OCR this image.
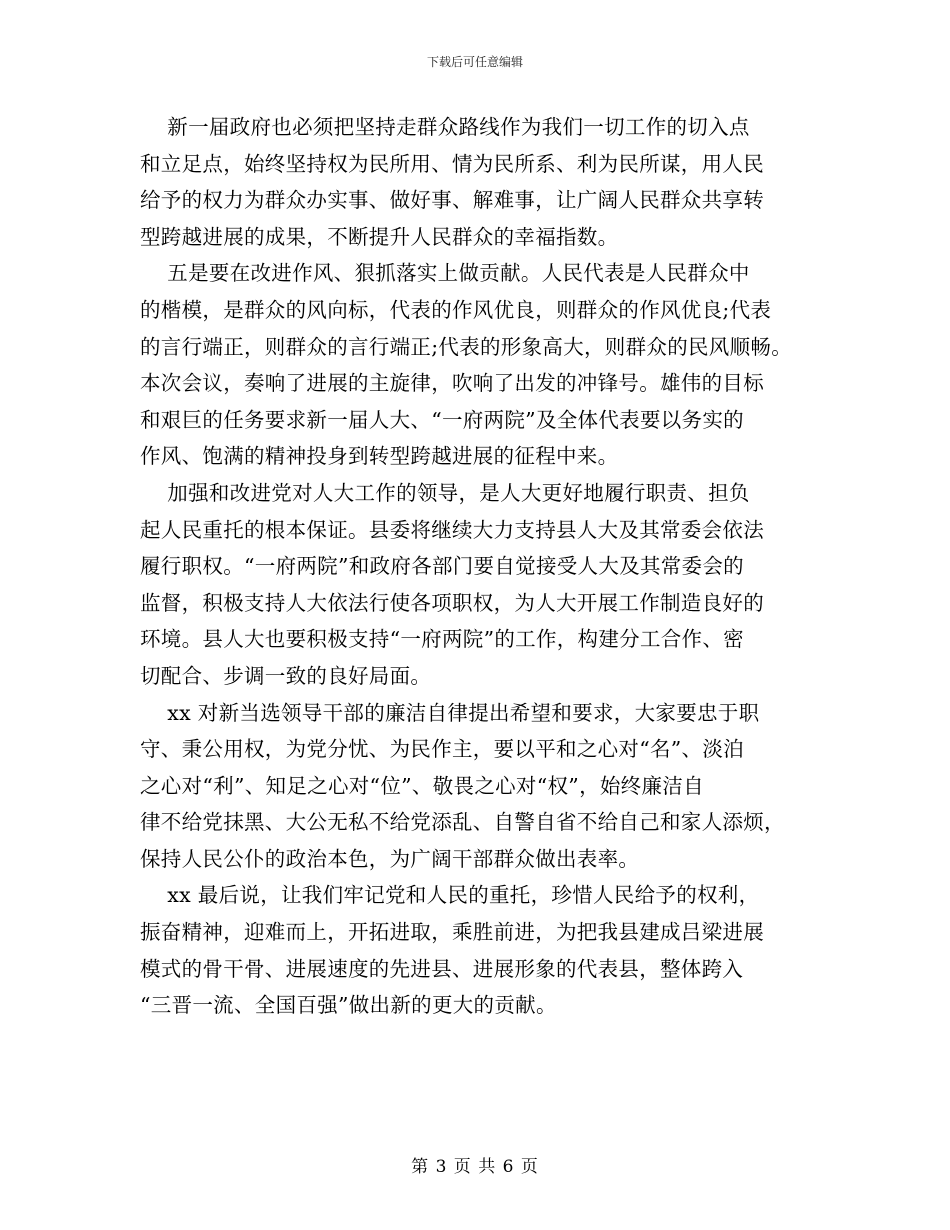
下载后可任意编辑
新一届政府也必须把坚持走群众路线作为我们一切工作的切入点
和立足点，始终坚持权为民所用、情为民所系、利为民所谋，用人民
给予的权力为群众办实事、做好事、解难事，让广阔人民群众共享转
型跨越进展的成果，不断提升人民群众的幸福指数。
五是要在改进作风、狠抓落实上做贡献。人民代表是人民群众中
的楷模，是群众的风向标，代表的作风优良，则群众的作风优良;代表
的言行端正，则群众的言行端正;代表的形象高大，则群众的民风顺畅。
本次会议，奏响了进展的主旋律，吹响了出发的冲锋号。雄伟的目标
和艰巨的任务要求新一届人大、“一府两院”及全体代表要以务实的
作风、饱满的精神投身到转型跨越进展的征程中来。
加强和改进党对人大工作的领导，是人大更好地履行职责、担负
起人民重托的根本保证。县委将继续大力支持县人大及其常委会依法
履行职权。“一府两院”和政府各部门要自觉接受人大及其常委会的
监督，积极支持人大依法行使各项职权，为人大开展工作制造良好的
环境。县人大也要积极支持“一府两院”的工作，构建分工合作、密
切配合、步调一致的良好局面。
xx 对新当选领导干部的廉洁自律提出希望和要求，大家要忠于职
守、秉公用权，为党分忧、为民作主，要以平和之心对“名”、淡泊
之心对“利”、知足之心对“位”、敬畏之心对“权”，始终廉洁自
律不给党抹黑、大公无私不给党添乱、自警自省不给自己和家人添烦，
保持人民公仆的政治本色，为广阔干部群众做出表率。
xx 最后说，让我们牢记党和人民的重托，珍惜人民给予的权利，
振奋精神，迎难而上，开拓进取，乘胜前进，为把我县建成吕梁进展
模式的骨干骨、进展速度的先进县、进展形象的代表县，整体跨入
“三晋一流、全国百强”做出新的更大的贡献。
第 3 页 共 6 页
